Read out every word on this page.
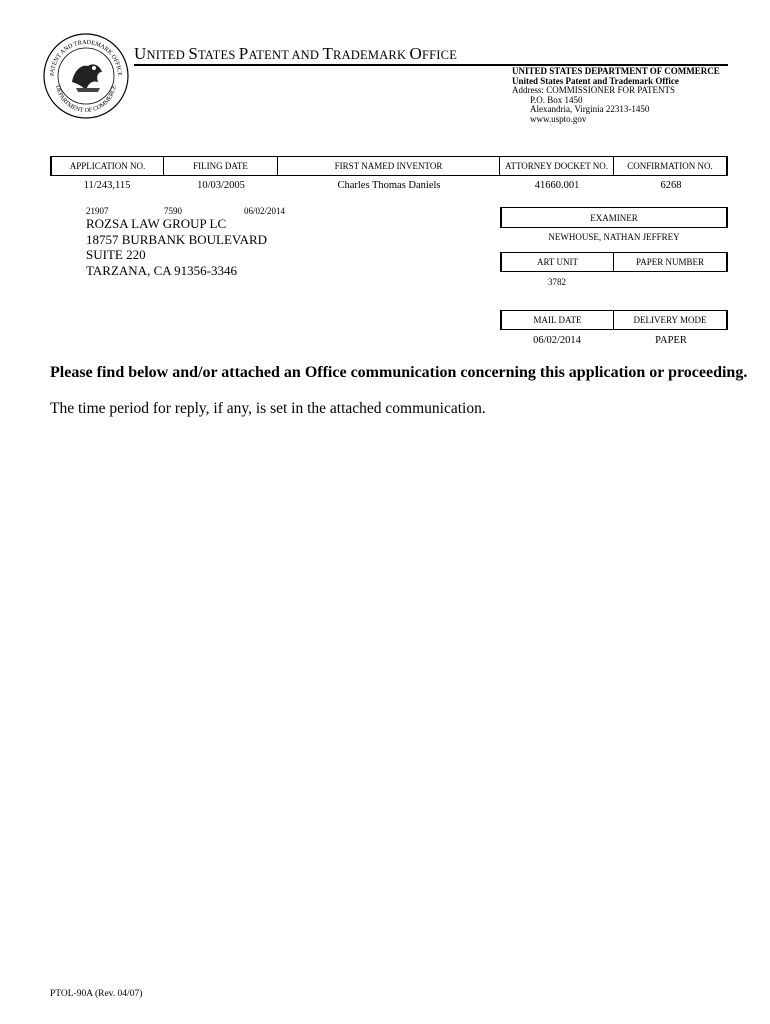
PATENT AND TRADEMARK OFFICE
DEPARTMENT OF COMMERCE
UNITED STATES PATENT AND TRADEMARK OFFICE
UNITED STATES DEPARTMENT OF COMMERCE
United States Patent and Trademark Office
Address: COMMISSIONER FOR PATENTS
P.O. Box 1450
Alexandria, Virginia 22313-1450
www.uspto.gov
APPLICATION NO.	FILING DATE	FIRST NAMED INVENTOR	ATTORNEY DOCKET NO.	CONFIRMATION NO.
11/243,115	10/03/2005	Charles Thomas Daniels	41660.001	6268
21907	7590	06/02/2014
ROZSA LAW GROUP LC
18757 BURBANK BOULEVARD
SUITE 220
TARZANA, CA 91356-3346
EXAMINER
NEWHOUSE, NATHAN JEFFREY
ART UNIT	PAPER NUMBER
3782
MAIL DATE	DELIVERY MODE
06/02/2014	PAPER
Please find below and/or attached an Office communication concerning this application or proceeding.
The time period for reply, if any, is set in the attached communication.
PTOL-90A (Rev. 04/07)
